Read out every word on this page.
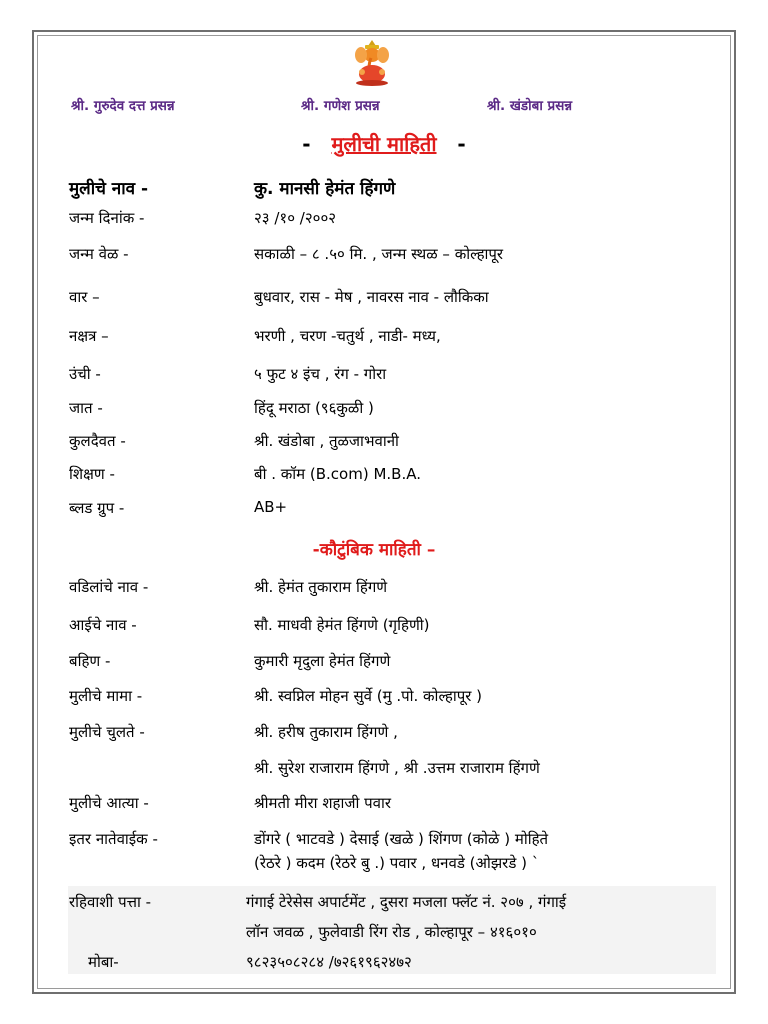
श्री. गुरुदेव दत्त प्रसन्न	श्री. गणेश प्रसन्न	श्री. खंडोबा प्रसन्न
- मुलीची माहिती -
मुलीचे नाव -	कु. मानसी हेमंत हिंगणे
जन्म दिनांक -	२३ /१० /२००२
जन्म वेळ -	सकाळी – ८ .५० मि. , जन्म स्थळ – कोल्हापूर
वार –	बुधवार, रास - मेष , नावरस नाव - लौकिका
नक्षत्र –	भरणी , चरण -चतुर्थ , नाडी- मध्य,
उंची -	५ फुट ४ इंच , रंग - गोरा
जात -	हिंदू मराठा (९६कुळी )
कुलदैवत -	श्री. खंडोबा , तुळजाभवानी
शिक्षण -	बी . कॉम (B.com) M.B.A.
ब्लड ग्रुप -	AB+
-कौटुंबिक माहिती –
वडिलांचे नाव -	श्री. हेमंत तुकाराम हिंगणे
आईचे नाव -	सौ. माधवी हेमंत हिंगणे (गृहिणी)
बहिण -	कुमारी मृदुला हेमंत हिंगणे
मुलीचे मामा -	श्री. स्वप्निल मोहन सुर्वे (मु .पो. कोल्हापूर )
मुलीचे चुलते -	श्री. हरीष तुकाराम हिंगणे ,
श्री. सुरेश राजाराम हिंगणे , श्री .उत्तम राजाराम हिंगणे
मुलीचे आत्या -	श्रीमती मीरा शहाजी पवार
इतर नातेवाईक -	डोंगरे ( भाटवडे ) देसाई (खळे ) शिंगण (कोळे ) मोहिते
(रेठरे ) कदम (रेठरे बु .) पवार , धनवडे (ओझरडे ) `
रहिवाशी पत्ता -	गंगाई टेरेसेस अपार्टमेंट , दुसरा मजला फ्लॅट नं. २०७ , गंगाई
लॉन जवळ , फुलेवाडी रिंग रोड , कोल्हापूर – ४१६०१०
मोबा-	९८२३५०८२८४ /७२६१९६२४७२
